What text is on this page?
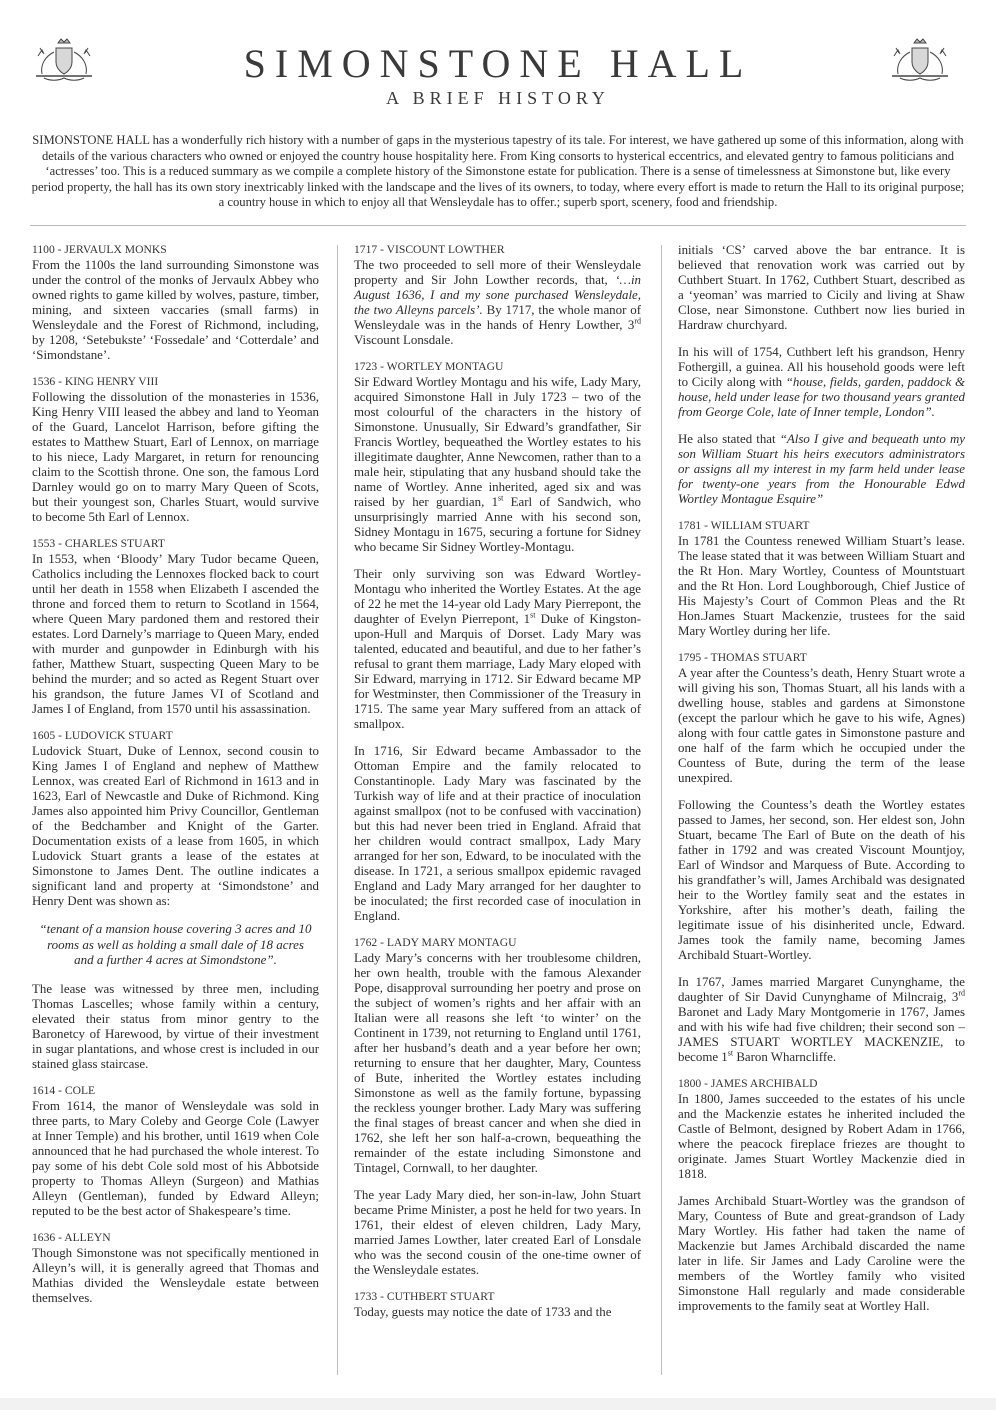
SIMONSTONE HALL
A BRIEF HISTORY

SIMONSTONE HALL has a wonderfully rich history with a number of gaps in the mysterious tapestry of its tale. For interest, we have gathered up some of this information, along with details of the various characters who owned or enjoyed the country house hospitality here. From King consorts to hysterical eccentrics, and elevated gentry to famous politicians and ‘actresses’ too. This is a reduced summary as we compile a complete history of the Simonstone estate for publication. There is a sense of timelessness at Simonstone but, like every period property, the hall has its own story inextricably linked with the landscape and the lives of its owners, to today, where every effort is made to return the Hall to its original purpose; a country house in which to enjoy all that Wensleydale has to offer.; superb sport, scenery, food and friendship.

1100 - JERVAULX MONKS

From the 1100s the land surrounding Simonstone was under the control of the monks of Jervaulx Abbey who owned rights to game killed by wolves, pasture, timber, mining, and sixteen vaccaries (small farms) in Wensleydale and the Forest of Richmond, including, by 1208, ‘Setebukste’ ‘Fossedale’ and ‘Cotterdale’ and ‘Simondstane’.

1536 - KING HENRY VIII

Following the dissolution of the monasteries in 1536, King Henry VIII leased the abbey and land to Yeoman of the Guard, Lancelot Harrison, before gifting the estates to Matthew Stuart, Earl of Lennox, on marriage to his niece, Lady Margaret, in return for renouncing claim to the Scottish throne. One son, the famous Lord Darnley would go on to marry Mary Queen of Scots, but their youngest son, Charles Stuart, would survive to become 5th Earl of Lennox.

1553 - CHARLES STUART

In 1553, when ‘Bloody’ Mary Tudor became Queen, Catholics including the Lennoxes flocked back to court until her death in 1558 when Elizabeth I ascended the throne and forced them to return to Scotland in 1564, where Queen Mary pardoned them and restored their estates. Lord Darnely’s marriage to Queen Mary, ended with murder and gunpowder in Edinburgh with his father, Matthew Stuart, suspecting Queen Mary to be behind the murder; and so acted as Regent Stuart over his grandson, the future James VI of Scotland and James I of England, from 1570 until his assassination.

1605 - LUDOVICK STUART

Ludovick Stuart, Duke of Lennox, second cousin to King James I of England and nephew of Matthew Lennox, was created Earl of Richmond in 1613 and in 1623, Earl of Newcastle and Duke of Richmond. King James also appointed him Privy Councillor, Gentleman of the Bedchamber and Knight of the Garter. Documentation exists of a lease from 1605, in which Ludovick Stuart grants a lease of the estates at Simonstone to James Dent. The outline indicates a significant land and property at ‘Simondstone’ and Henry Dent was shown as:

“tenant of a mansion house covering 3 acres and 10 rooms as well as holding a small dale of 18 acres and a further 4 acres at Simondstone”.

The lease was witnessed by three men, including Thomas Lascelles; whose family within a century, elevated their status from minor gentry to the Baronetcy of Harewood, by virtue of their investment in sugar plantations, and whose crest is included in our stained glass staircase.

1614 - COLE

From 1614, the manor of Wensleydale was sold in three parts, to Mary Coleby and George Cole (Lawyer at Inner Temple) and his brother, until 1619 when Cole announced that he had purchased the whole interest. To pay some of his debt Cole sold most of his Abbotside property to Thomas Alleyn (Surgeon) and Mathias Alleyn (Gentleman), funded by Edward Alleyn; reputed to be the best actor of Shakespeare’s time.

1636 - ALLEYN

Though Simonstone was not specifically mentioned in Alleyn’s will, it is generally agreed that Thomas and Mathias divided the Wensleydale estate between themselves.

1717 - VISCOUNT LOWTHER

The two proceeded to sell more of their Wensleydale property and Sir John Lowther records, that, ‘…in August 1636, I and my sone purchased Wensleydale, the two Alleyns parcels’. By 1717, the whole manor of Wensleydale was in the hands of Henry Lowther, 3rd Viscount Lonsdale.

1723 - WORTLEY MONTAGU

Sir Edward Wortley Montagu and his wife, Lady Mary, acquired Simonstone Hall in July 1723 – two of the most colourful of the characters in the history of Simonstone. Unusually, Sir Edward’s grandfather, Sir Francis Wortley, bequeathed the Wortley estates to his illegitimate daughter, Anne Newcomen, rather than to a male heir, stipulating that any husband should take the name of Wortley. Anne inherited, aged six and was raised by her guardian, 1st Earl of Sandwich, who unsurprisingly married Anne with his second son, Sidney Montagu in 1675, securing a fortune for Sidney who became Sir Sidney Wortley-Montagu.

Their only surviving son was Edward Wortley-Montagu who inherited the Wortley Estates. At the age of 22 he met the 14-year old Lady Mary Pierrepont, the daughter of Evelyn Pierrepont, 1st Duke of Kingston-upon-Hull and Marquis of Dorset. Lady Mary was talented, educated and beautiful, and due to her father’s refusal to grant them marriage, Lady Mary eloped with Sir Edward, marrying in 1712. Sir Edward became MP for Westminster, then Commissioner of the Treasury in 1715. The same year Mary suffered from an attack of smallpox.

In 1716, Sir Edward became Ambassador to the Ottoman Empire and the family relocated to Constantinople. Lady Mary was fascinated by the Turkish way of life and at their practice of inoculation against smallpox (not to be confused with vaccination) but this had never been tried in England. Afraid that her children would contract smallpox, Lady Mary arranged for her son, Edward, to be inoculated with the disease. In 1721, a serious smallpox epidemic ravaged England and Lady Mary arranged for her daughter to be inoculated; the first recorded case of inoculation in England.

1762 - LADY MARY MONTAGU

Lady Mary’s concerns with her troublesome children, her own health, trouble with the famous Alexander Pope, disapproval surrounding her poetry and prose on the subject of women’s rights and her affair with an Italian were all reasons she left ‘to winter’ on the Continent in 1739, not returning to England until 1761, after her husband’s death and a year before her own; returning to ensure that her daughter, Mary, Countess of Bute, inherited the Wortley estates including Simonstone as well as the family fortune, bypassing the reckless younger brother. Lady Mary was suffering the final stages of breast cancer and when she died in 1762, she left her son half-a-crown, bequeathing the remainder of the estate including Simonstone and Tintagel, Cornwall, to her daughter.

The year Lady Mary died, her son-in-law, John Stuart became Prime Minister, a post he held for two years. In 1761, their eldest of eleven children, Lady Mary, married James Lowther, later created Earl of Lonsdale who was the second cousin of the one-time owner of the Wensleydale estates.

1733 - CUTHBERT STUART

Today, guests may notice the date of 1733 and the

initials ‘CS’ carved above the bar entrance. It is believed that renovation work was carried out by Cuthbert Stuart. In 1762, Cuthbert Stuart, described as a ‘yeoman’ was married to Cicily and living at Shaw Close, near Simonstone. Cuthbert now lies buried in Hardraw churchyard.

In his will of 1754, Cuthbert left his grandson, Henry Fothergill, a guinea. All his household goods were left to Cicily along with “house, fields, garden, paddock & house, held under lease for two thousand years granted from George Cole, late of Inner temple, London”.

He also stated that “Also I give and bequeath unto my son William Stuart his heirs executors administrators or assigns all my interest in my farm held under lease for twenty-one years from the Honourable Edwd Wortley Montague Esquire”

1781 - WILLIAM STUART

In 1781 the Countess renewed William Stuart’s lease. The lease stated that it was between William Stuart and the Rt Hon. Mary Wortley, Countess of Mountstuart and the Rt Hon. Lord Loughborough, Chief Justice of His Majesty’s Court of Common Pleas and the Rt Hon.James Stuart Mackenzie, trustees for the said Mary Wortley during her life.

1795 - THOMAS STUART

A year after the Countess’s death, Henry Stuart wrote a will giving his son, Thomas Stuart, all his lands with a dwelling house, stables and gardens at Simonstone (except the parlour which he gave to his wife, Agnes) along with four cattle gates in Simonstone pasture and one half of the farm which he occupied under the Countess of Bute, during the term of the lease unexpired.

Following the Countess’s death the Wortley estates passed to James, her second, son. Her eldest son, John Stuart, became The Earl of Bute on the death of his father in 1792 and was created Viscount Mountjoy, Earl of Windsor and Marquess of Bute. According to his grandfather’s will, James Archibald was designated heir to the Wortley family seat and the estates in Yorkshire, after his mother’s death, failing the legitimate issue of his disinherited uncle, Edward. James took the family name, becoming James Archibald Stuart-Wortley.

In 1767, James married Margaret Cunynghame, the daughter of Sir David Cunynghame of Milncraig, 3rd Baronet and Lady Mary Montgomerie in 1767, James and with his wife had five children; their second son – JAMES STUART WORTLEY MACKENZIE, to become 1st Baron Wharncliffe.

1800 - JAMES ARCHIBALD

In 1800, James succeeded to the estates of his uncle and the Mackenzie estates he inherited included the Castle of Belmont, designed by Robert Adam in 1766, where the peacock fireplace friezes are thought to originate. James Stuart Wortley Mackenzie died in 1818.

James Archibald Stuart-Wortley was the grandson of Mary, Countess of Bute and great-grandson of Lady Mary Wortley. His father had taken the name of Mackenzie but James Archibald discarded the name later in life. Sir James and Lady Caroline were the members of the Wortley family who visited Simonstone Hall regularly and made considerable improvements to the family seat at Wortley Hall.
